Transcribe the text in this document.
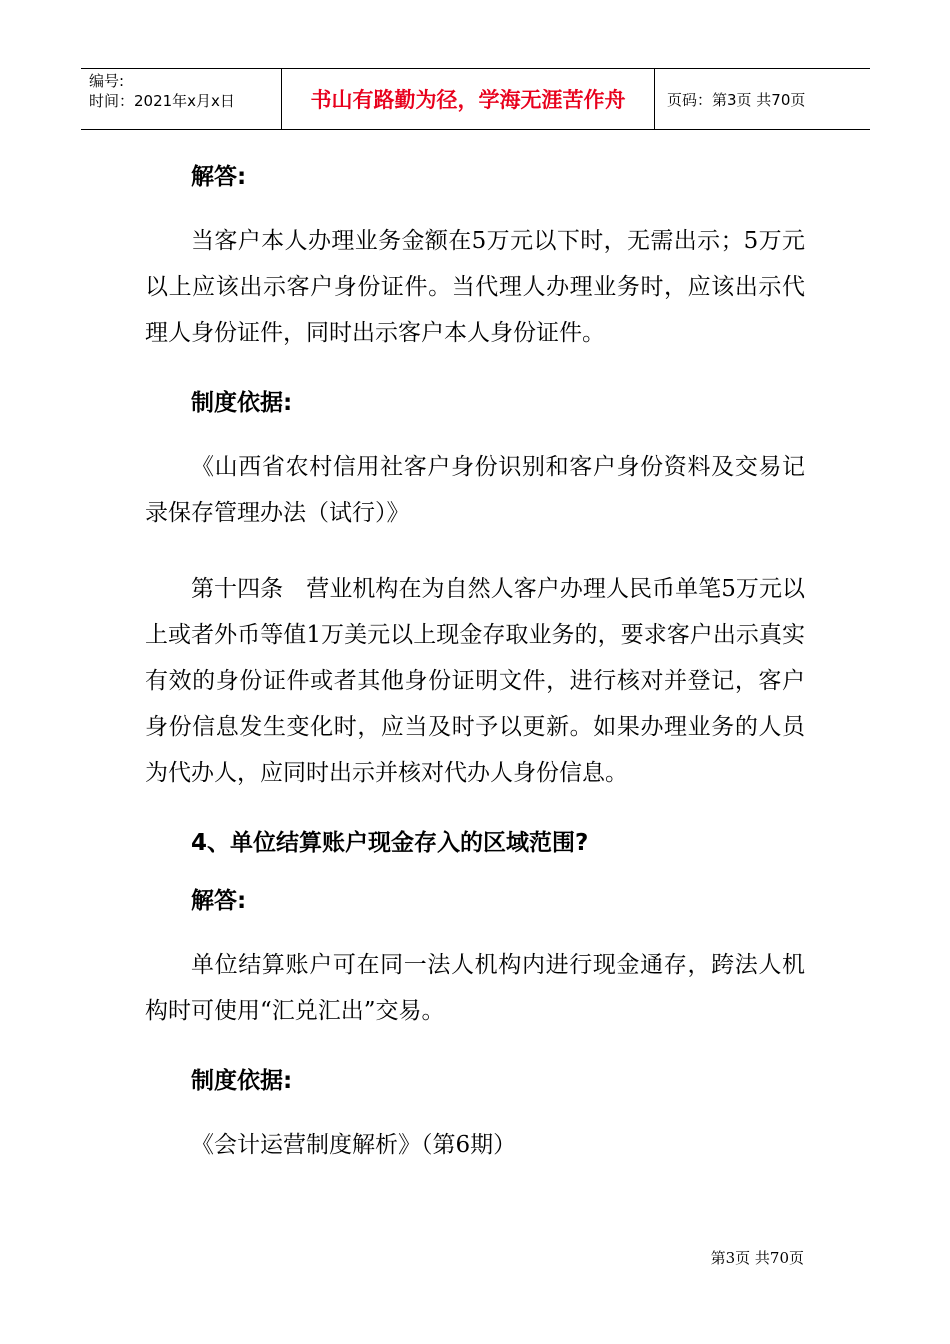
编号:
时间：2021年x月x日	书山有路勤为径，学海无涯苦作舟	页码：第3页 共70页

解答:

当客户本人办理业务金额在5万元以下时，无需出示；5万元以上应该出示客户身份证件。当代理人办理业务时，应该出示代理人身份证件，同时出示客户本人身份证件。

制度依据:

《山西省农村信用社客户身份识别和客户身份资料及交易记录保存管理办法（试行）》

第十四条　营业机构在为自然人客户办理人民币单笔5万元以上或者外币等值1万美元以上现金存取业务的，要求客户出示真实有效的身份证件或者其他身份证明文件，进行核对并登记，客户身份信息发生变化时，应当及时予以更新。如果办理业务的人员为代办人，应同时出示并核对代办人身份信息。

4、单位结算账户现金存入的区域范围?

解答:

单位结算账户可在同一法人机构内进行现金通存，跨法人机构时可使用“汇兑汇出”交易。

制度依据:

《会计运营制度解析》（第6期）

第3页 共70页
